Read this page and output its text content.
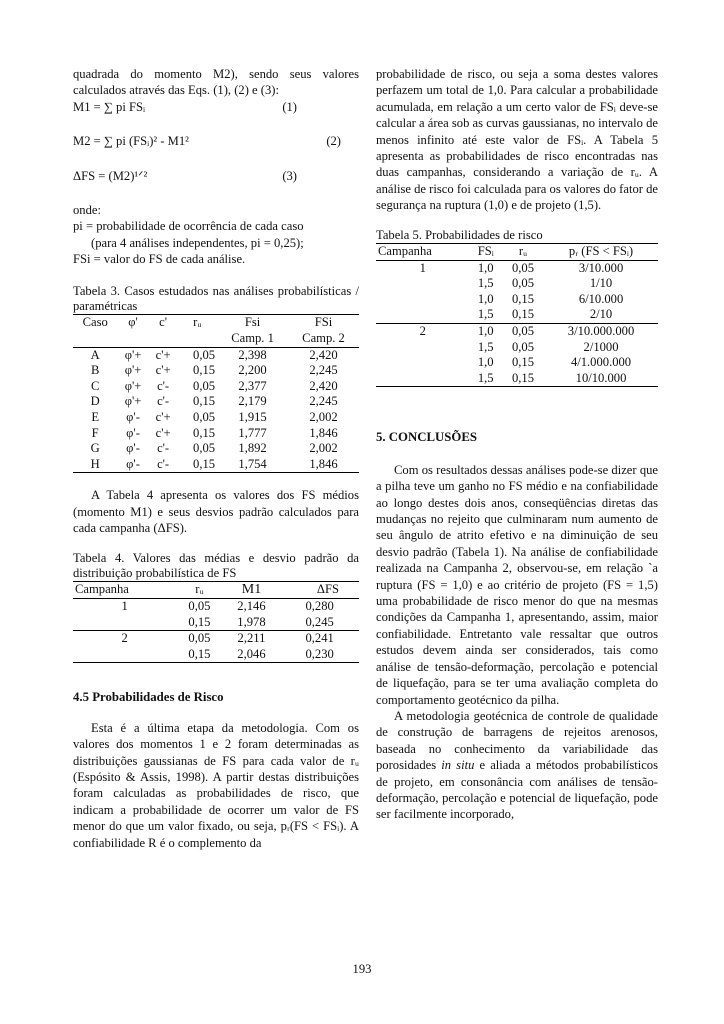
quadrada do momento M2), sendo seus valores calculados através das Eqs. (1), (2) e (3):

M1 = ∑ pi FSᵢ	(1)
M2 = ∑ pi (FSᵢ)² - M1²	(2)
ΔFS = (M2)¹ᐟ²	(3)

onde:

pi = probabilidade de ocorrência de cada caso

(para 4 análises independentes, pi = 0,25);

FSi = valor do FS de cada análise.

Tabela 3. Casos estudados nas análises probabilísticas / paramétricas

Caso	φ'	c'	rᵤ	Fsi	FSi
				Camp. 1	Camp. 2
A	φ'+	c'+	0,05	2,398	2,420
B	φ'+	c'+	0,15	2,200	2,245
C	φ'+	c'-	0,05	2,377	2,420
D	φ'+	c'-	0,15	2,179	2,245
E	φ'-	c'+	0,05	1,915	2,002
F	φ'-	c'+	0,15	1,777	1,846
G	φ'-	c'-	0,05	1,892	2,002
H	φ'-	c'-	0,15	1,754	1,846

A Tabela 4 apresenta os valores dos FS médios (momento M1) e seus desvios padrão calculados para cada campanha (ΔFS).

Tabela 4. Valores das médias e desvio padrão da distribuição probabilística de FS

Campanha	rᵤ	M1	ΔFS
1	0,05	2,146	0,280
	0,15	1,978	0,245
2	0,05	2,211	0,241
	0,15	2,046	0,230

4.5 Probabilidades de Risco

Esta é a última etapa da metodologia. Com os valores dos momentos 1 e 2 foram determinadas as distribuições gaussianas de FS para cada valor de rᵤ (Espósito & Assis, 1998). A partir destas distribuições foram calculadas as probabilidades de risco, que indicam a probabilidade de ocorrer um valor de FS menor do que um valor fixado, ou seja, pᵣ(FS < FSᵢ). A confiabilidade R é o complemento da

probabilidade de risco, ou seja a soma destes valores perfazem um total de 1,0. Para calcular a probabilidade acumulada, em relação a um certo valor de FSᵢ deve-se calcular a área sob as curvas gaussianas, no intervalo de menos infinito até este valor de FSᵢ. A Tabela 5 apresenta as probabilidades de risco encontradas nas duas campanhas, considerando a variação de rᵤ. A análise de risco foi calculada para os valores do fator de segurança na ruptura (1,0) e de projeto (1,5).

Tabela 5. Probabilidades de risco

Campanha	FSᵢ	rᵤ	pᵣ (FS < FSᵢ)
1	1,0	0,05	3/10.000
	1,5	0,05	1/10
	1,0	0,15	6/10.000
	1,5	0,15	2/10
2	1,0	0,05	3/10.000.000
	1,5	0,05	2/1000
	1,0	0,15	4/1.000.000
	1,5	0,15	10/10.000

5. CONCLUSÕES

Com os resultados dessas análises pode-se dizer que a pilha teve um ganho no FS médio e na confiabilidade ao longo destes dois anos, conseqüências diretas das mudanças no rejeito que culminaram num aumento de seu ângulo de atrito efetivo e na diminuição de seu desvio padrão (Tabela 1). Na análise de confiabilidade realizada na Campanha 2, observou-se, em relação `a ruptura (FS = 1,0) e ao critério de projeto (FS = 1,5) uma probabilidade de risco menor do que na mesmas condições da Campanha 1, apresentando, assim, maior confiabilidade. Entretanto vale ressaltar que outros estudos devem ainda ser considerados, tais como análise de tensão-deformação, percolação e potencial de liquefação, para se ter uma avaliação completa do comportamento geotécnico da pilha.

A metodologia geotécnica de controle de qualidade de construção de barragens de rejeitos arenosos, baseada no conhecimento da variabilidade das porosidades in situ e aliada a métodos probabilísticos de projeto, em consonância com análises de tensão-deformação, percolação e potencial de liquefação, pode ser facilmente incorporado,

193
